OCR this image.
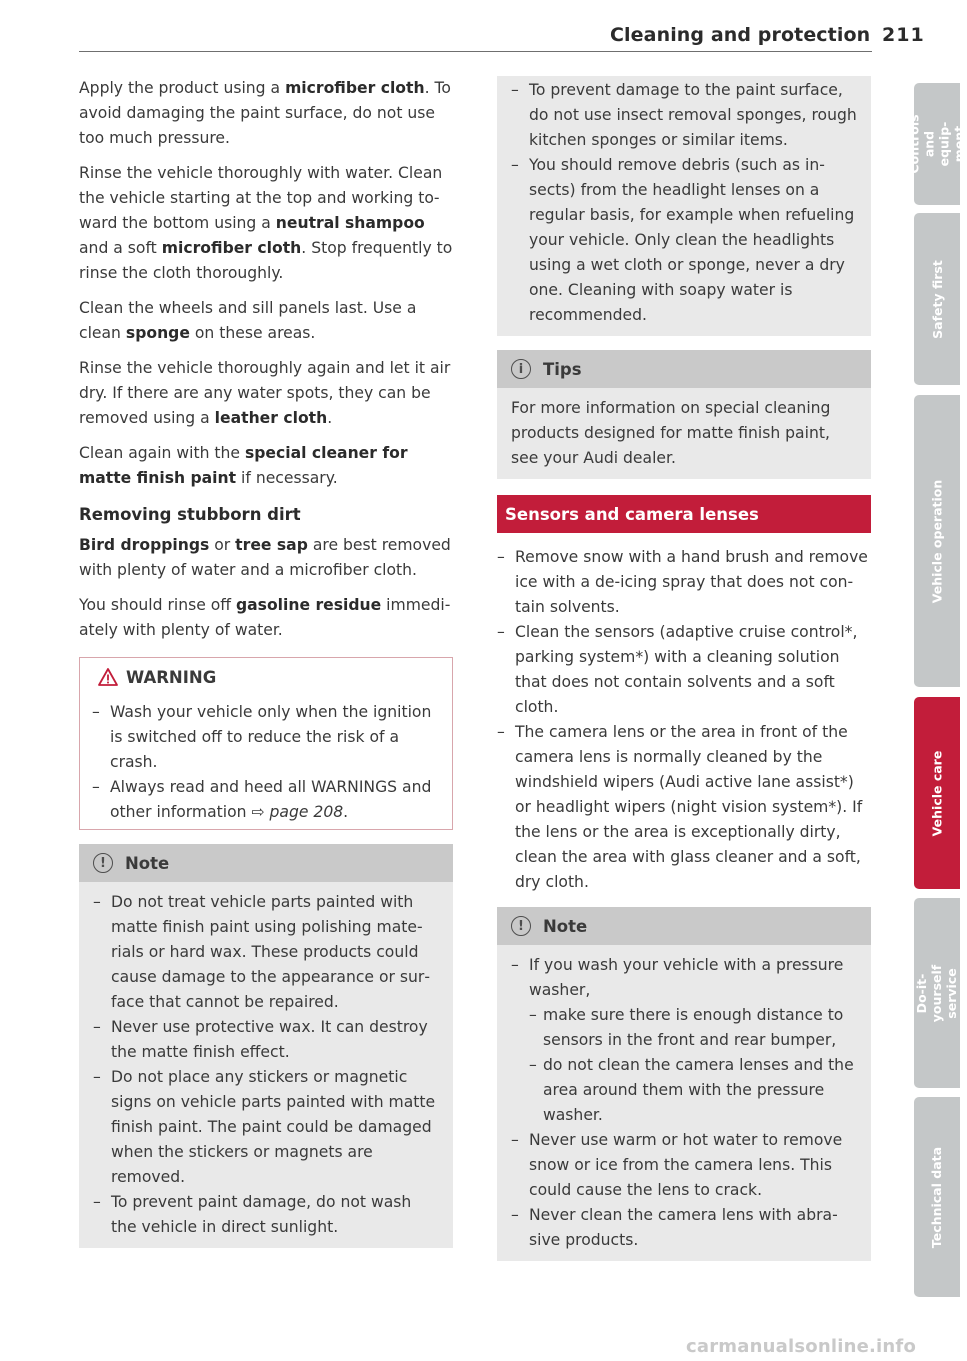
Cleaning and protection 211

Apply the product using a microfiber cloth. To avoid damaging the paint surface, do not use too much pressure.

Rinse the vehicle thoroughly with water. Clean the vehicle starting at the top and working toward the bottom using a neutral shampoo and a soft microfiber cloth. Stop frequently to rinse the cloth thoroughly.

Clean the wheels and sill panels last. Use a clean sponge on these areas.

Rinse the vehicle thoroughly again and let it air dry. If there are any water spots, they can be removed using a leather cloth.

Clean again with the special cleaner for matte finish paint if necessary.

Removing stubborn dirt

Bird droppings or tree sap are best removed with plenty of water and a microfiber cloth.

You should rinse off gasoline residue immediately with plenty of water.

WARNING
– Wash your vehicle only when the ignition is switched off to reduce the risk of a crash.
– Always read and heed all WARNINGS and other information ⇨ page 208.
!	Note
– Do not treat vehicle parts painted with matte finish paint using polishing materials or hard wax. These products could cause damage to the appearance or surface that cannot be repaired.
– Never use protective wax. It can destroy the matte finish effect.
– Do not place any stickers or magnetic signs on vehicle parts painted with matte finish paint. The paint could be damaged when the stickers or magnets are removed.
– To prevent paint damage, do not wash the vehicle in direct sunlight.
– To prevent damage to the paint surface, do not use insect removal sponges, rough kitchen sponges or similar items.
– You should remove debris (such as insects) from the headlight lenses on a regular basis, for example when refueling your vehicle. Only clean the headlights using a wet cloth or sponge, never a dry one. Cleaning with soapy water is recommended.
i	Tips

For more information on special cleaning products designed for matte finish paint, see your Audi dealer.

Sensors and camera lenses
– Remove snow with a hand brush and remove ice with a de-icing spray that does not contain solvents.
– Clean the sensors (adaptive cruise control*, parking system*) with a cleaning solution that does not contain solvents and a soft cloth.
– The camera lens or the area in front of the camera lens is normally cleaned by the windshield wipers (Audi active lane assist*) or headlight wipers (night vision system*). If the lens or the area is exceptionally dirty, clean the area with glass cleaner and a soft, dry cloth.
!	Note
– If you wash your vehicle with a pressure washer,
– make sure there is enough distance to sensors in the front and rear bumper,
– do not clean the camera lenses and the area around them with the pressure washer.
– Never use warm or hot water to remove snow or ice from the camera lens. This could cause the lens to crack.
– Never clean the camera lens with abrasive products.
Controls and equipment
Safety first
Vehicle operation
Vehicle care
Do-it-yourself service
Technical data
carmanualsonline.info
